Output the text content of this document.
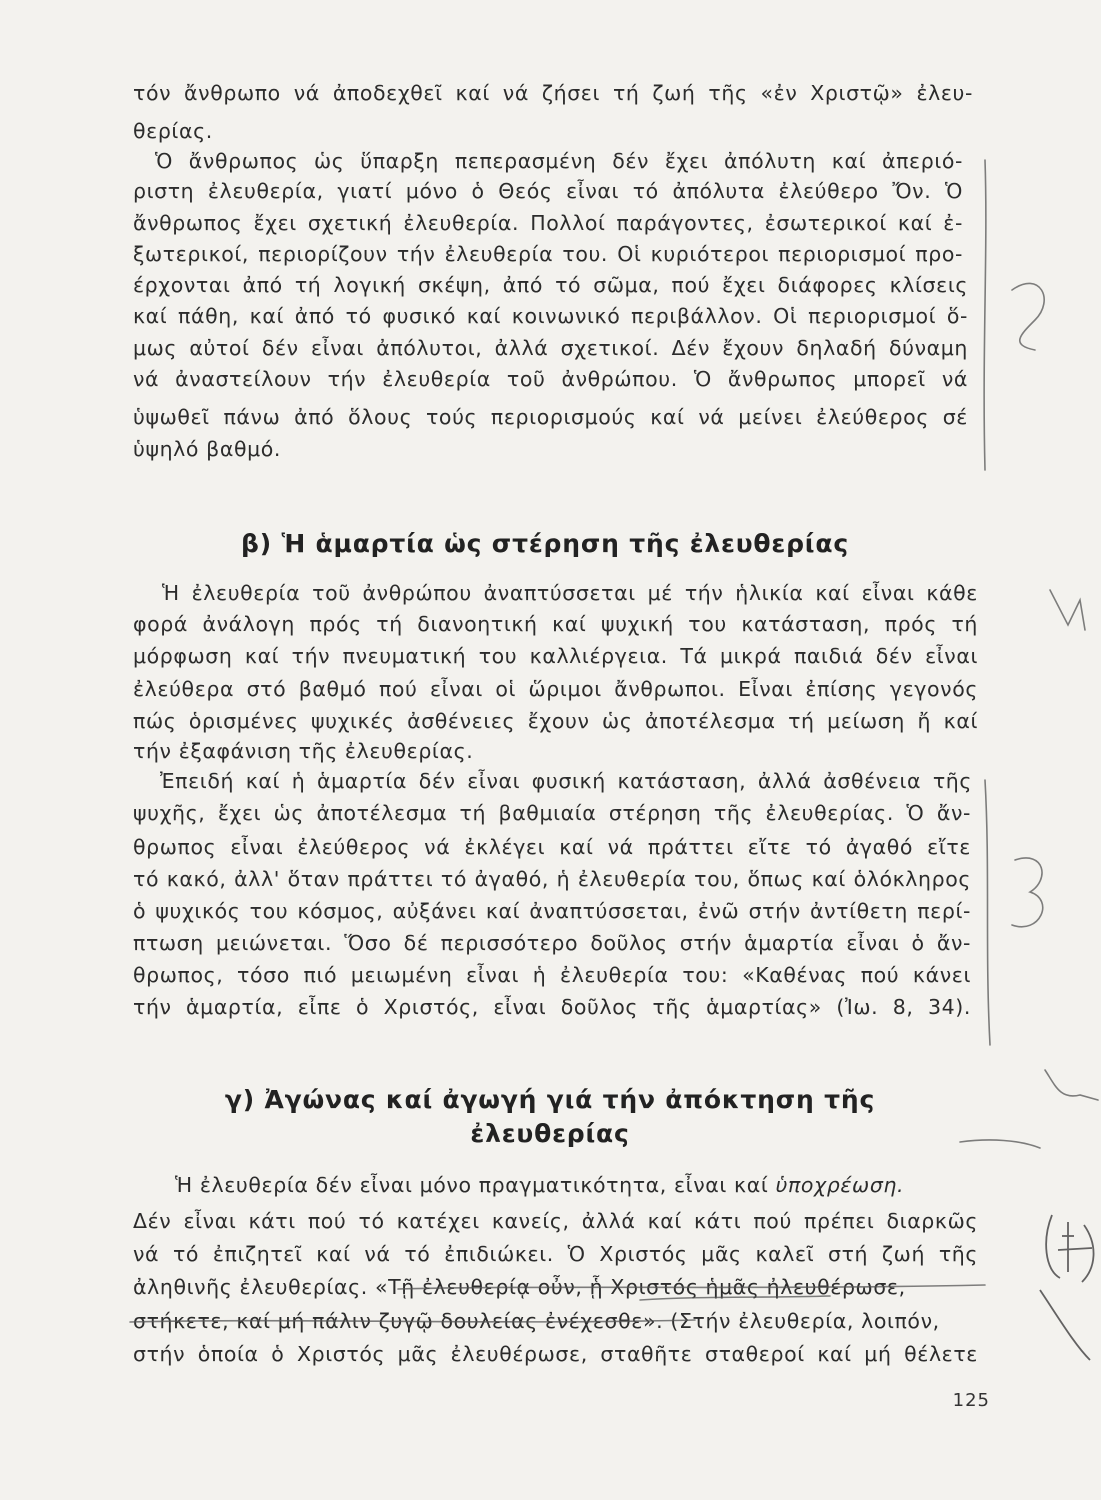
τόν ἄνθρωπο νά ἀποδεχθεῖ καί νά ζήσει τή ζωή τῆς «ἐν Χριστῷ» ἐλευ-
θερίας.
Ὁ ἄνθρωπος ὡς ὕπαρξη πεπερασμένη δέν ἔχει ἀπόλυτη καί ἀπεριό-
ριστη ἐλευθερία, γιατί μόνο ὁ Θεός εἶναι τό ἀπόλυτα ἐλεύθερο Ὄν. Ὁ
ἄνθρωπος ἔχει σχετική ἐλευθερία. Πολλοί παράγοντες, ἐσωτερικοί καί ἐ-
ξωτερικοί, περιορίζουν τήν ἐλευθερία του. Οἱ κυριότεροι περιορισμοί προ-
έρχονται ἀπό τή λογική σκέψη, ἀπό τό σῶμα, πού ἔχει διάφορες κλίσεις
καί πάθη, καί ἀπό τό φυσικό καί κοινωνικό περιβάλλον. Οἱ περιορισμοί ὅ-
μως αὐτοί δέν εἶναι ἀπόλυτοι, ἀλλά σχετικοί. Δέν ἔχουν δηλαδή δύναμη
νά ἀναστείλουν τήν ἐλευθερία τοῦ ἀνθρώπου. Ὁ ἄνθρωπος μπορεῖ νά
ὑψωθεῖ πάνω ἀπό ὅλους τούς περιορισμούς καί νά μείνει ἐλεύθερος σέ
ὑψηλό βαθμό.
β) Ἡ ἁμαρτία ὡς στέρηση τῆς ἐλευθερίας
Ἡ ἐλευθερία τοῦ ἀνθρώπου ἀναπτύσσεται μέ τήν ἡλικία καί εἶναι κάθε
φορά ἀνάλογη πρός τή διανοητική καί ψυχική του κατάσταση, πρός τή
μόρφωση καί τήν πνευματική του καλλιέργεια. Τά μικρά παιδιά δέν εἶναι
ἐλεύθερα στό βαθμό πού εἶναι οἱ ὥριμοι ἄνθρωποι. Εἶναι ἐπίσης γεγονός
πώς ὁρισμένες ψυχικές ἀσθένειες ἔχουν ὡς ἀποτέλεσμα τή μείωση ἤ καί
τήν ἐξαφάνιση τῆς ἐλευθερίας.
Ἐπειδή καί ἡ ἁμαρτία δέν εἶναι φυσική κατάσταση, ἀλλά ἀσθένεια τῆς
ψυχῆς, ἔχει ὡς ἀποτέλεσμα τή βαθμιαία στέρηση τῆς ἐλευθερίας. Ὁ ἄν-
θρωπος εἶναι ἐλεύθερος νά ἐκλέγει καί νά πράττει εἴτε τό ἀγαθό εἴτε
τό κακό, ἀλλ' ὅταν πράττει τό ἀγαθό, ἡ ἐλευθερία του, ὅπως καί ὁλόκληρος
ὁ ψυχικός του κόσμος, αὐξάνει καί ἀναπτύσσεται, ἐνῶ στήν ἀντίθετη περί-
πτωση μειώνεται. Ὅσο δέ περισσότερο δοῦλος στήν ἁμαρτία εἶναι ὁ ἄν-
θρωπος, τόσο πιό μειωμένη εἶναι ἡ ἐλευθερία του: «Καθένας πού κάνει
τήν ἁμαρτία, εἶπε ὁ Χριστός, εἶναι δοῦλος τῆς ἁμαρτίας» (Ἰω. 8, 34).
γ) Ἀγώνας καί ἀγωγή γιά τήν ἀπόκτηση τῆς
ἐλευθερίας
Ἡ ἐλευθερία δέν εἶναι μόνο πραγματικότητα, εἶναι καί ὑποχρέωση.
Δέν εἶναι κάτι πού τό κατέχει κανείς, ἀλλά καί κάτι πού πρέπει διαρκῶς
νά τό ἐπιζητεῖ καί νά τό ἐπιδιώκει. Ὁ Χριστός μᾶς καλεῖ στή ζωή τῆς
ἀληθινῆς ἐλευθερίας. «Τῇ ἐλευθερίᾳ οὖν, ᾗ Χριστός ἡμᾶς ἠλευθέρωσε,
στήκετε, καί μή πάλιν ζυγῷ δουλείας ἐνέχεσθε». (Στήν ἐλευθερία, λοιπόν,
στήν ὁποία ὁ Χριστός μᾶς ἐλευθέρωσε, σταθῆτε σταθεροί καί μή θέλετε
125
